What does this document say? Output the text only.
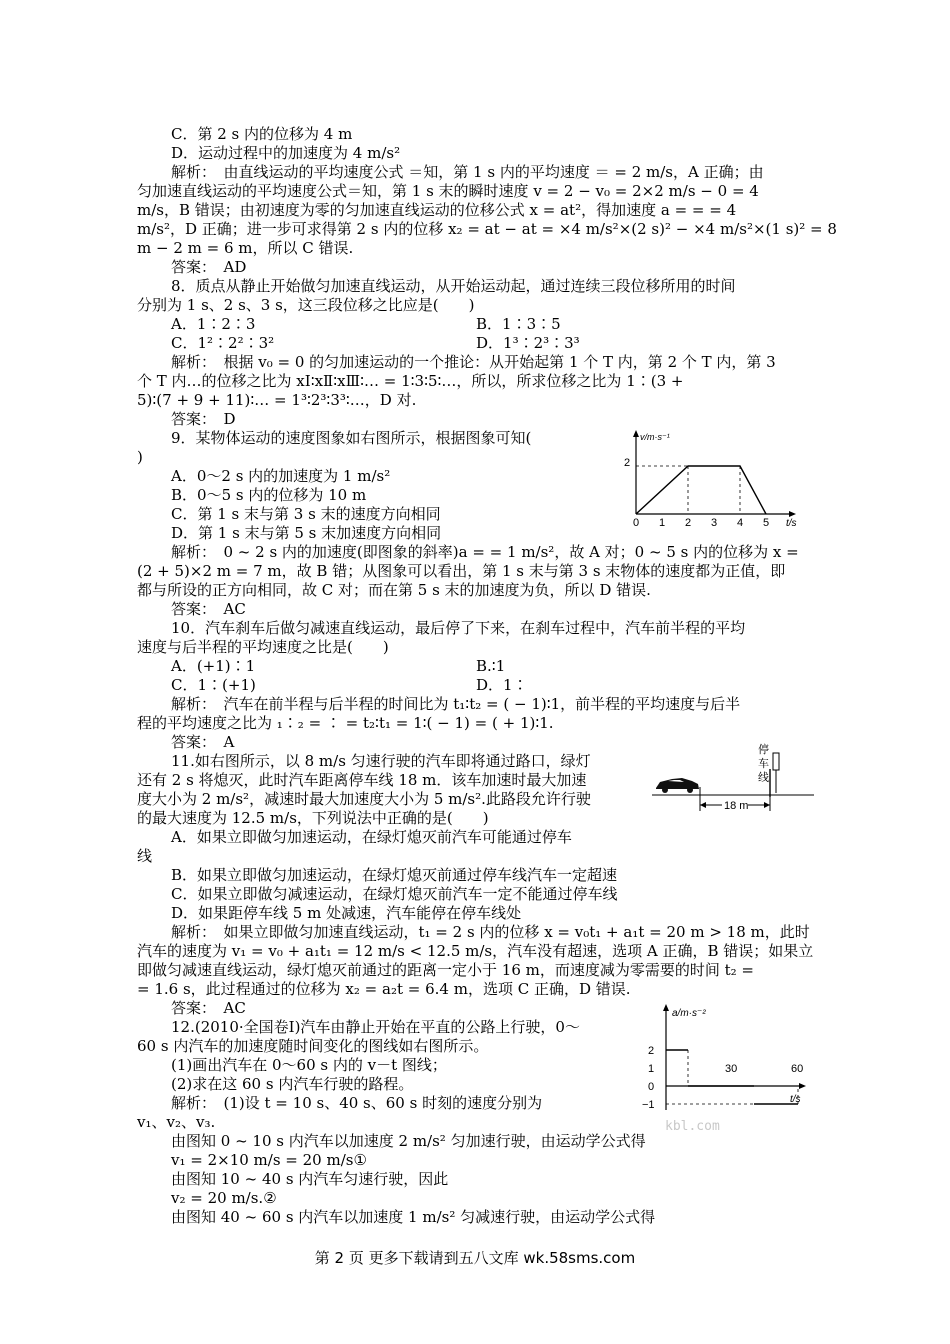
C．第 2 s 内的位移为 4 m
D．运动过程中的加速度为 4 m/s²
解析：　由直线运动的平均速度公式 ＝知，第 1 s 内的平均速度 ＝ = 2 m/s，A 正确；由
匀加速直线运动的平均速度公式＝知，第 1 s 末的瞬时速度 v = 2 − v₀ = 2×2 m/s − 0 = 4
m/s，B 错误；由初速度为零的匀加速直线运动的位移公式 x = at²，得加速度 a = = = 4
m/s²，D 正确；进一步可求得第 2 s 内的位移 x₂ = at − at = ×4 m/s²×(2 s)² − ×4 m/s²×(1 s)² = 8
m − 2 m = 6 m，所以 C 错误.
答案：　AD
8．质点从静止开始做匀加速直线运动，从开始运动起，通过连续三段位移所用的时间
分别为 1 s、2 s、3 s，这三段位移之比应是(　　)
A．1∶2∶3	B．1∶3∶5
C．1²∶2²∶3²	D．1³∶2³∶3³
解析：　根据 v₀ = 0 的匀加速运动的一个推论：从开始起第 1 个 T 内，第 2 个 T 内，第 3
个 T 内…的位移之比为 xⅠ∶xⅡ∶xⅢ∶… = 1∶3∶5∶…，所以，所求位移之比为 1∶(3 +
5)∶(7 + 9 + 11)∶… = 1³∶2³∶3³∶…，D 对.
答案：　D
9．某物体运动的速度图象如右图所示，根据图象可知(
)
A．0～2 s 内的加速度为 1 m/s²
B．0～5 s 内的位移为 10 m
C．第 1 s 末与第 3 s 末的速度方向相同
D．第 1 s 末与第 5 s 末加速度方向相同
解析：　0 ~ 2 s 内的加速度(即图象的斜率)a = = 1 m/s²，故 A 对；0 ~ 5 s 内的位移为 x =
(2 + 5)×2 m = 7 m，故 B 错；从图象可以看出，第 1 s 末与第 3 s 末物体的速度都为正值，即
都与所设的正方向相同，故 C 对；而在第 5 s 末的加速度为负，所以 D 错误.
答案：　AC
10．汽车刹车后做匀减速直线运动，最后停了下来，在刹车过程中，汽车前半程的平均
速度与后半程的平均速度之比是(　　)
A．(+1)∶1	B.∶1
C．1∶(+1)	D．1∶
解析：　汽车在前半程与后半程的时间比为 t₁∶t₂ = ( − 1)∶1，前半程的平均速度与后半
程的平均速度之比为 ₁∶₂ = ∶ = t₂∶t₁ = 1∶( − 1) = ( + 1)∶1.
答案：　A
11.如右图所示，以 8 m/s 匀速行驶的汽车即将通过路口，绿灯
还有 2 s 将熄灭，此时汽车距离停车线 18 m．该车加速时最大加速
度大小为 2 m/s²，减速时最大加速度大小为 5 m/s².此路段允许行驶
的最大速度为 12.5 m/s，下列说法中正确的是(　　)
A．如果立即做匀加速运动，在绿灯熄灭前汽车可能通过停车
线
B．如果立即做匀加速运动，在绿灯熄灭前通过停车线汽车一定超速
C．如果立即做匀减速运动，在绿灯熄灭前汽车一定不能通过停车线
D．如果距停车线 5 m 处减速，汽车能停在停车线处
解析：　如果立即做匀加速直线运动，t₁ = 2 s 内的位移 x = v₀t₁ + a₁t = 20 m > 18 m，此时
汽车的速度为 v₁ = v₀ + a₁t₁ = 12 m/s < 12.5 m/s，汽车没有超速，选项 A 正确，B 错误；如果立
即做匀减速直线运动，绿灯熄灭前通过的距离一定小于 16 m，而速度减为零需要的时间 t₂ =
= 1.6 s，此过程通过的位移为 x₂ = a₂t = 6.4 m，选项 C 正确，D 错误.
答案：　AC
12.(2010·全国卷Ⅰ)汽车由静止开始在平直的公路上行驶，0～
60 s 内汽车的加速度随时间变化的图线如右图所示。
(1)画出汽车在 0～60 s 内的 v－t 图线；
(2)求在这 60 s 内汽车行驶的路程。
解析：　(1)设 t = 10 s、40 s、60 s 时刻的速度分别为
v₁、v₂、v₃.
由图知 0 ~ 10 s 内汽车以加速度 2 m/s² 匀加速行驶，由运动学公式得
v₁ = 2×10 m/s = 20 m/s①
由图知 10 ~ 40 s 内汽车匀速行驶，因此
v₂ = 20 m/s.②
由图知 40 ~ 60 s 内汽车以加速度 1 m/s² 匀减速行驶，由运动学公式得
v/m·s⁻¹
t/s
2
0 1 2 3 4 5
停
车
线
18 m
a/m·s⁻²
t/s
2
1
0
−1
30	60
kbl.com
第 2 页 更多下载请到五八文库 wk.58sms.com
